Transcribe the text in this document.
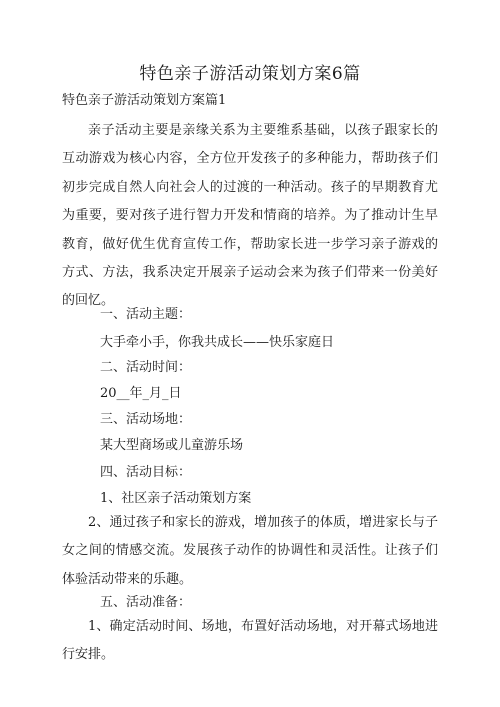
特色亲子游活动策划方案6篇
特色亲子游活动策划方案篇1
亲子活动主要是亲缘关系为主要维系基础，以孩子跟家长的互动游戏为核心内容，全方位开发孩子的多种能力，帮助孩子们初步完成自然人向社会人的过渡的一种活动。孩子的早期教育尤为重要，要对孩子进行智力开发和情商的培养。为了推动计生早教育，做好优生优育宣传工作，帮助家长进一步学习亲子游戏的方式、方法，我系决定开展亲子运动会来为孩子们带来一份美好的回忆。
一、活动主题：
大手牵小手，你我共成长——快乐家庭日
二、活动时间：
20__年_月_日
三、活动场地：
某大型商场或儿童游乐场
四、活动目标：
1、社区亲子活动策划方案
2、通过孩子和家长的游戏，增加孩子的体质，增进家长与子女之间的情感交流。发展孩子动作的协调性和灵活性。让孩子们体验活动带来的乐趣。
五、活动准备：
1、确定活动时间、场地，布置好活动场地，对开幕式场地进行安排。
